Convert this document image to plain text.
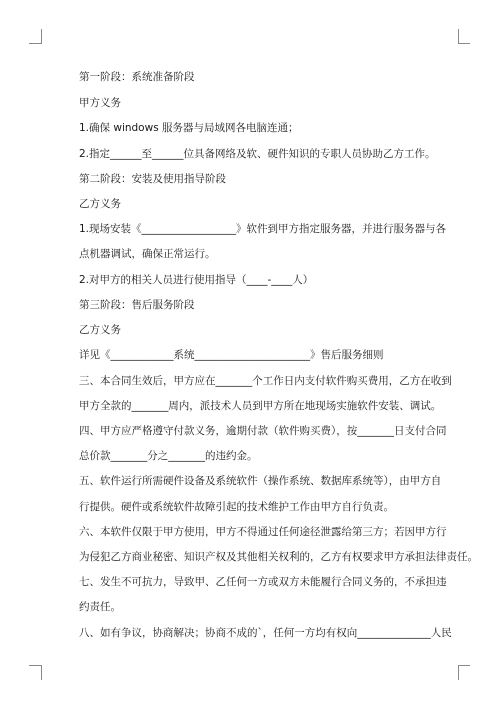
第一阶段：系统准备阶段
甲方义务
1.确保 windows 服务器与局域网各电脑连通；
2.指定______至______位具备网络及软、硬件知识的专职人员协助乙方工作。
第二阶段：安装及使用指导阶段
乙方义务
1.现场安装《__________________》软件到甲方指定服务器，并进行服务器与各
点机器调试，确保正常运行。
2.对甲方的相关人员进行使用指导（____-____人）
第三阶段：售后服务阶段
乙方义务
详见《____________系统______________________》售后服务细则
三、本合同生效后，甲方应在_______个工作日内支付软件购买费用，乙方在收到
甲方全款的_______周内，派技术人员到甲方所在地现场实施软件安装、调试。
四、甲方应严格遵守付款义务，逾期付款（软件购买费），按_______日支付合同
总价款_______分之_______的违约金。
五、软件运行所需硬件设备及系统软件（操作系统、数据库系统等），由甲方自
行提供。硬件或系统软件故障引起的技术维护工作由甲方自行负责。
六、本软件仅限于甲方使用，甲方不得通过任何途径泄露给第三方；若因甲方行
为侵犯乙方商业秘密、知识产权及其他相关权利的，乙方有权要求甲方承担法律责任。
七、发生不可抗力，导致甲、乙任何一方或双方未能履行合同义务的，不承担违
约责任。
八、如有争议，协商解决；协商不成的`，任何一方均有权向______________人民
